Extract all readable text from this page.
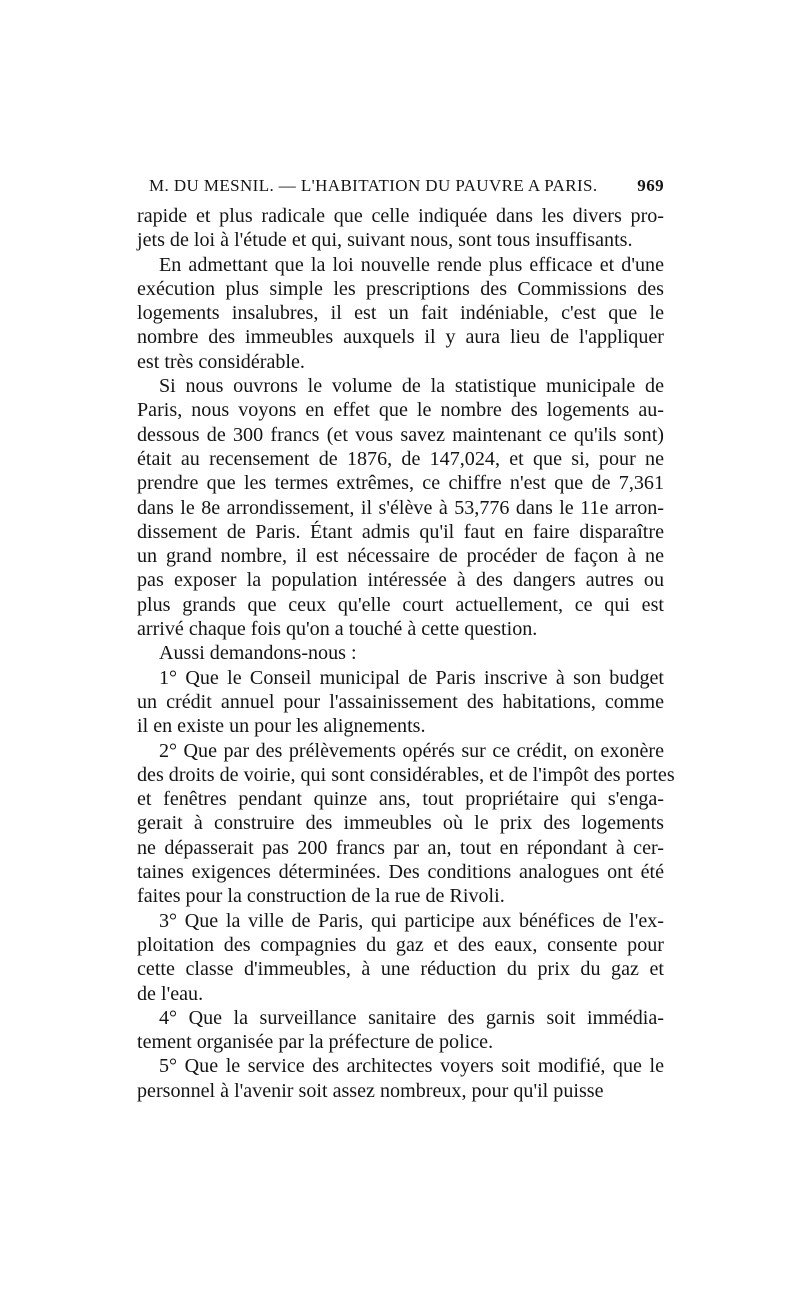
M. DU MESNIL. — L'HABITATION DU PAUVRE A PARIS. 969
rapide et plus radicale que celle indiquée dans les divers pro-
jets de loi à l'étude et qui, suivant nous, sont tous insuffisants.
En admettant que la loi nouvelle rende plus efficace et d'une
exécution plus simple les prescriptions des Commissions des
logements insalubres, il est un fait indéniable, c'est que le
nombre des immeubles auxquels il y aura lieu de l'appliquer
est très considérable.
Si nous ouvrons le volume de la statistique municipale de
Paris, nous voyons en effet que le nombre des logements au-
dessous de 300 francs (et vous savez maintenant ce qu'ils sont)
était au recensement de 1876, de 147,024, et que si, pour ne
prendre que les termes extrêmes, ce chiffre n'est que de 7,361
dans le 8e arrondissement, il s'élève à 53,776 dans le 11e arron-
dissement de Paris. Étant admis qu'il faut en faire disparaître
un grand nombre, il est nécessaire de procéder de façon à ne
pas exposer la population intéressée à des dangers autres ou
plus grands que ceux qu'elle court actuellement, ce qui est
arrivé chaque fois qu'on a touché à cette question.
Aussi demandons-nous :
1° Que le Conseil municipal de Paris inscrive à son budget
un crédit annuel pour l'assainissement des habitations, comme
il en existe un pour les alignements.
2° Que par des prélèvements opérés sur ce crédit, on exonère
des droits de voirie, qui sont considérables, et de l'impôt des portes
et fenêtres pendant quinze ans, tout propriétaire qui s'enga-
gerait à construire des immeubles où le prix des logements
ne dépasserait pas 200 francs par an, tout en répondant à cer-
taines exigences déterminées. Des conditions analogues ont été
faites pour la construction de la rue de Rivoli.
3° Que la ville de Paris, qui participe aux bénéfices de l'ex-
ploitation des compagnies du gaz et des eaux, consente pour
cette classe d'immeubles, à une réduction du prix du gaz et
de l'eau.
4° Que la surveillance sanitaire des garnis soit immédia-
tement organisée par la préfecture de police.
5° Que le service des architectes voyers soit modifié, que le
personnel à l'avenir soit assez nombreux, pour qu'il puisse
